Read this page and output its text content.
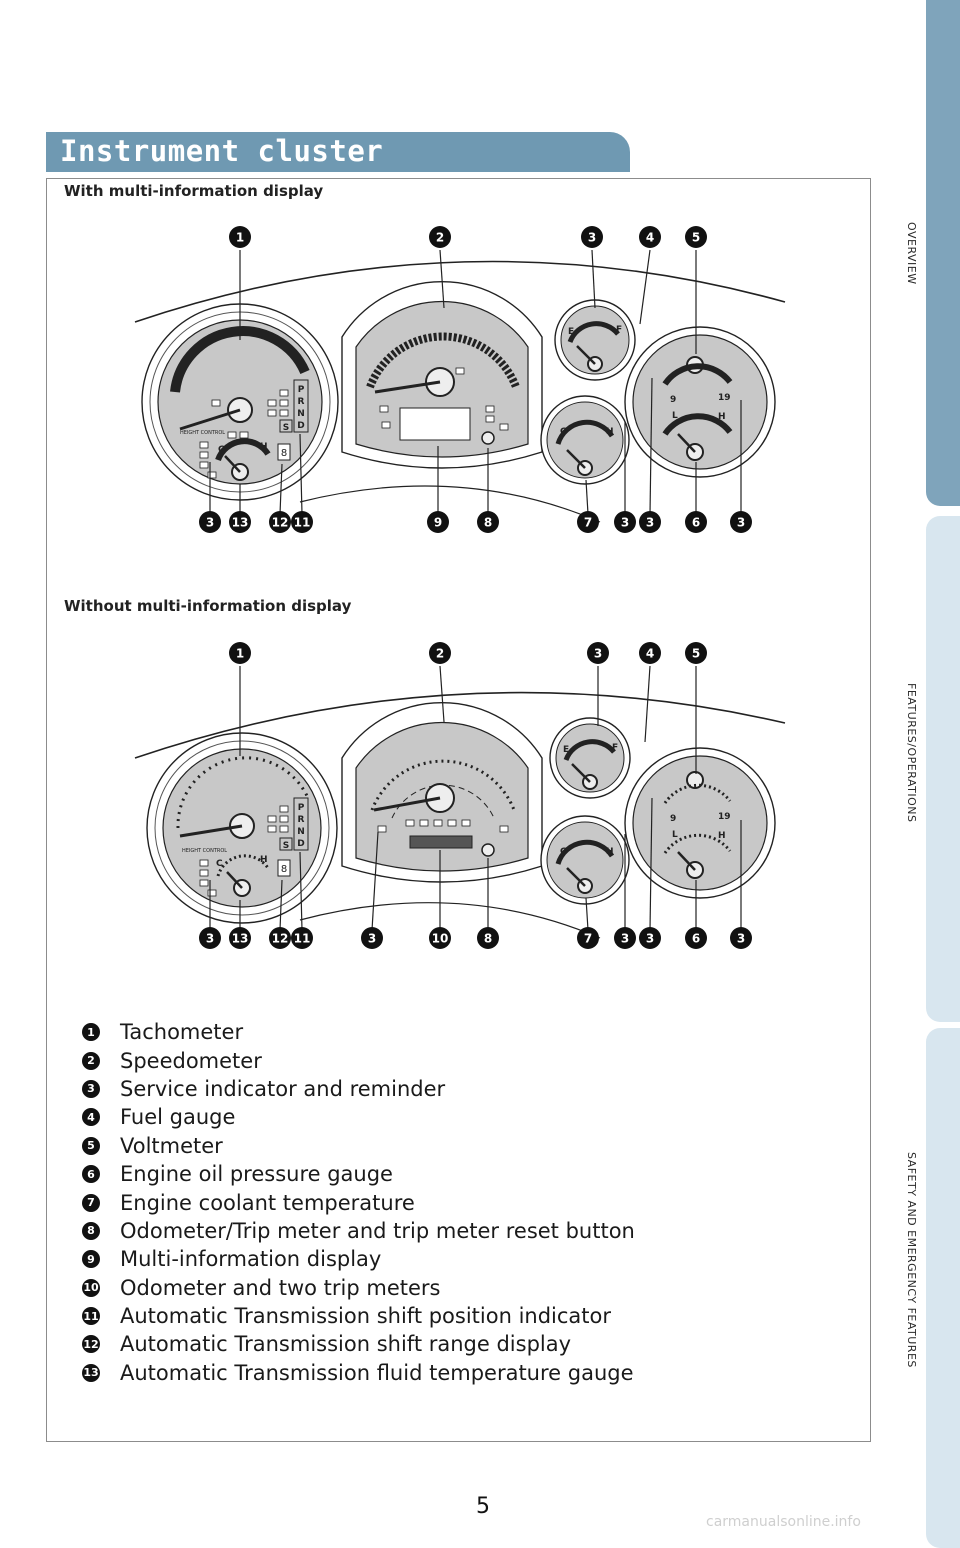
OVERVIEW
FEATURES/OPERATIONS
SAFETY AND EMERGENCY FEATURES
Instrument cluster
With multi-information display
P
R
N
D
S
HEIGHT CONTROL
8
C	H
E	F
C	H
9	19
L	H
1	2	3	4	5
3 13 12 11	9	8	7 3 3	6	3
Without multi-information display
P
R
N
D
S
HEIGHT CONTROL
8
C	H
E	F
C	H
9	19
L	H
1	2	3	4	5
3 13 12 11	3	10	8	7 3 3	6	3
1 Tachometer
2 Speedometer
3 Service indicator and reminder
4 Fuel gauge
5 Voltmeter
6 Engine oil pressure gauge
7 Engine coolant temperature
8 Odometer/Trip meter and trip meter reset button
9 Multi-information display
10 Odometer and two trip meters
11 Automatic Transmission shift position indicator
12 Automatic Transmission shift range display
13 Automatic Transmission fluid temperature gauge
5
carmanualsonline.info
